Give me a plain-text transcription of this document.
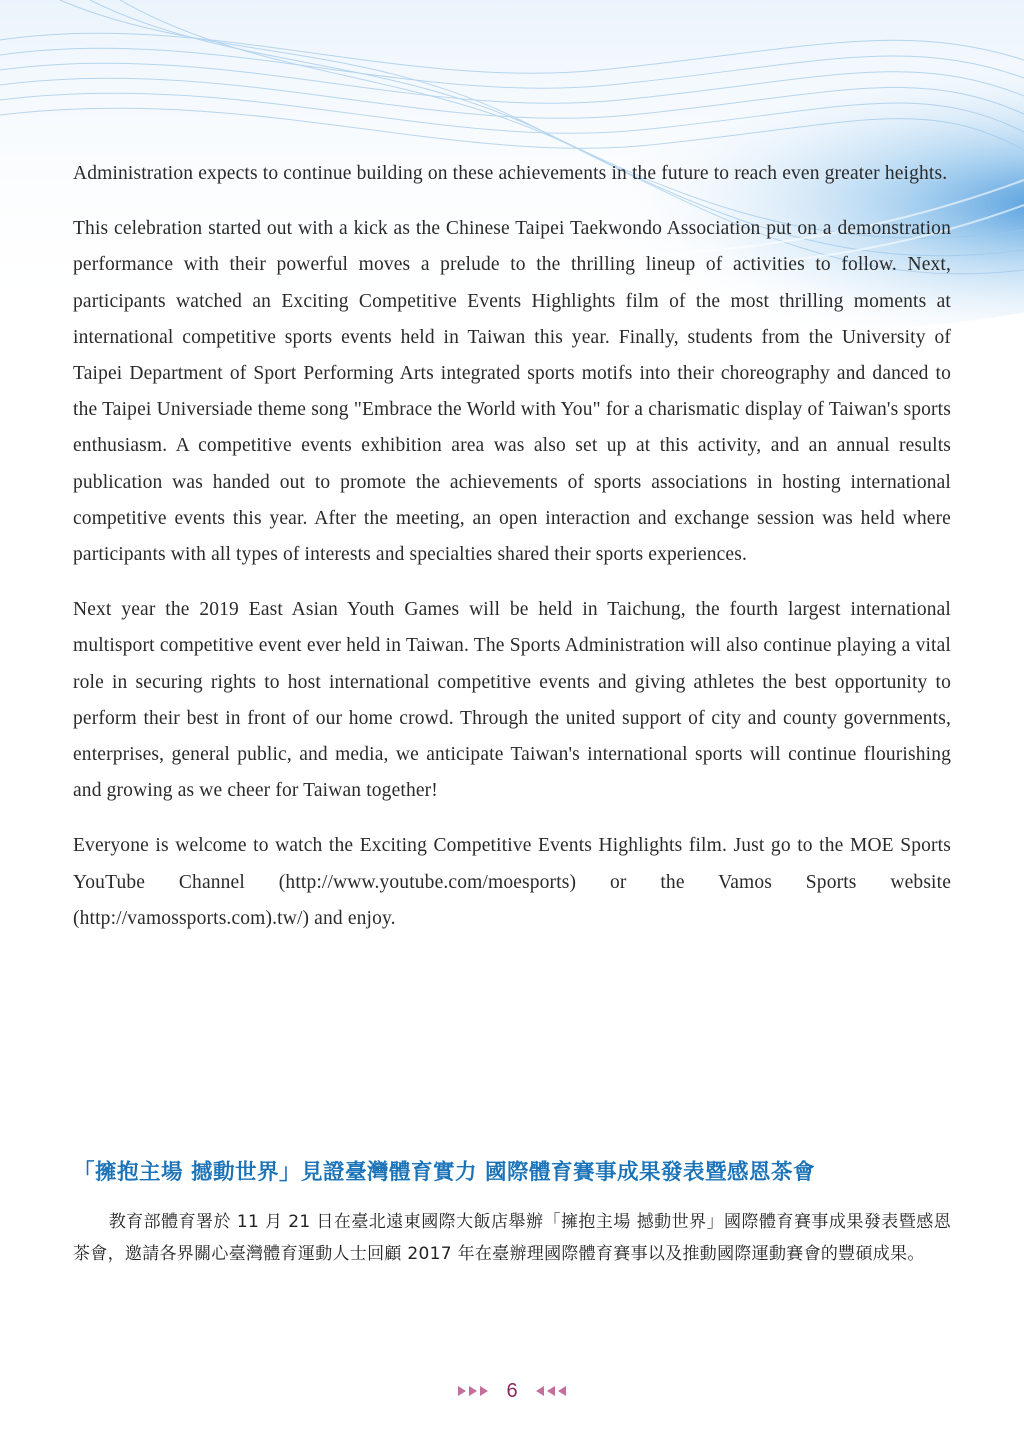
Administration expects to continue building on these achievements in the future to reach even greater heights.

This celebration started out with a kick as the Chinese Taipei Taekwondo Association put on a demonstration performance with their powerful moves a prelude to the thrilling lineup of activities to follow. Next, participants watched an Exciting Competitive Events Highlights film of the most thrilling moments at international competitive sports events held in Taiwan this year. Finally, students from the University of Taipei Department of Sport Performing Arts integrated sports motifs into their choreography and danced to the Taipei Universiade theme song "Embrace the World with You" for a charismatic display of Taiwan's sports enthusiasm. A competitive events exhibition area was also set up at this activity, and an annual results publication was handed out to promote the achievements of sports associations in hosting international competitive events this year. After the meeting, an open interaction and exchange session was held where participants with all types of interests and specialties shared their sports experiences.

Next year the 2019 East Asian Youth Games will be held in Taichung, the fourth largest international multisport competitive event ever held in Taiwan. The Sports Administration will also continue playing a vital role in securing rights to host international competitive events and giving athletes the best opportunity to perform their best in front of our home crowd. Through the united support of city and county governments, enterprises, general public, and media, we anticipate Taiwan's international sports will continue flourishing and growing as we cheer for Taiwan together!

Everyone is welcome to watch the Exciting Competitive Events Highlights film. Just go to the MOE Sports YouTube Channel (http://www.youtube.com/moesports) or the Vamos Sports website (http://vamossports.com).tw/) and enjoy.

「擁抱主場 撼動世界」見證臺灣體育實力 國際體育賽事成果發表暨感恩茶會

教育部體育署於 11 月 21 日在臺北遠東國際大飯店舉辦「擁抱主場 撼動世界」國際體育賽事成果發表暨感恩茶會，邀請各界關心臺灣體育運動人士回顧 2017 年在臺辦理國際體育賽事以及推動國際運動賽會的豐碩成果。

6
